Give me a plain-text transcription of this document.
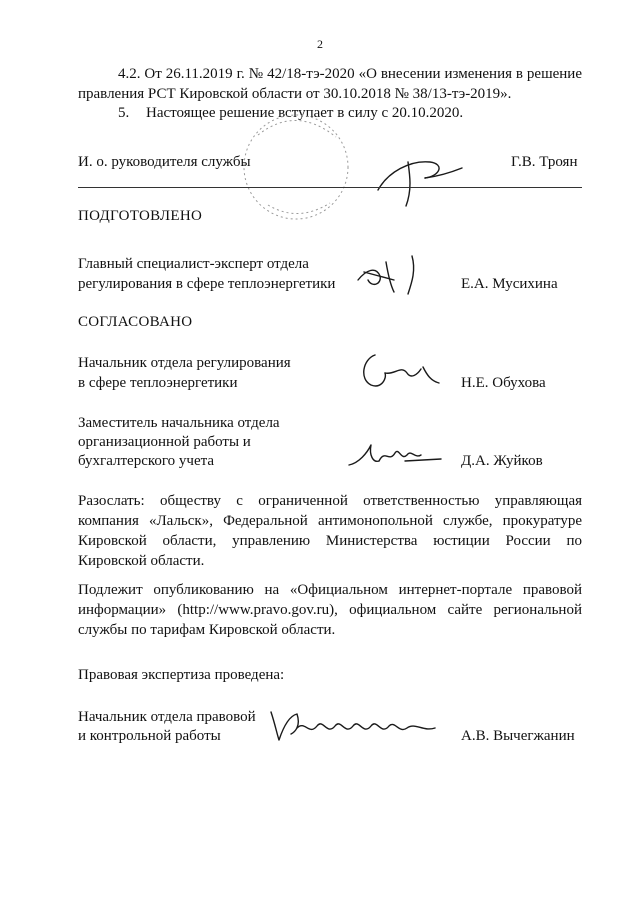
2
4.2. От 26.11.2019 г. № 42/18-тэ-2020 «О внесении изменения в решение правления РСТ Кировской области от 30.10.2018 № 38/13-тэ-2019».
5. Настоящее решение вступает в силу с 20.10.2020.
И. о. руководителя службы	Г.В. Троян
ПОДГОТОВЛЕНО
Главный специалист-эксперт отдела
регулирования в сфере теплоэнергетики	Е.А. Мусихина
СОГЛАСОВАНО
Начальник отдела регулирования
в сфере теплоэнергетики	Н.Е. Обухова
Заместитель начальника отдела
организационной работы и
бухгалтерского учета	Д.А. Жуйков
Разослать: обществу с ограниченной ответственностью управляющая компания «Лальск», Федеральной антимонопольной службе, прокуратуре Кировской области, управлению Министерства юстиции России по Кировской области.
Подлежит опубликованию на «Официальном интернет-портале правовой информации» (http://www.pravo.gov.ru), официальном сайте региональной службы по тарифам Кировской области.
Правовая экспертиза проведена:
Начальник отдела правовой
и контрольной работы	А.В. Вычегжанин
